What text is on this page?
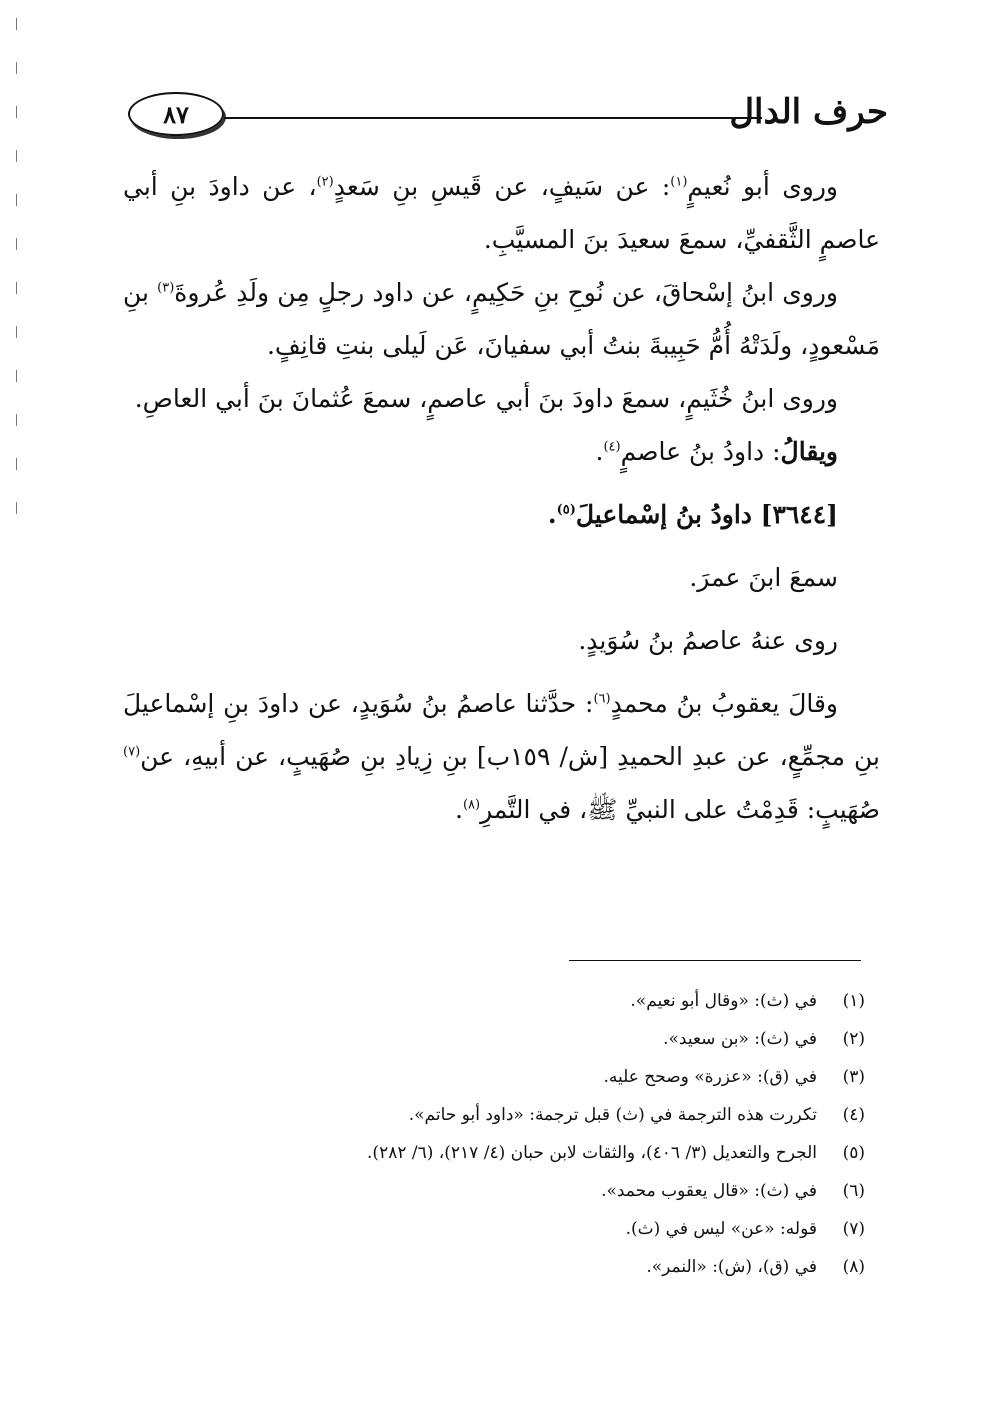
٨٧	حرف الدال

وروى أبو نُعيمٍ$^{(١)}$: عن سَيفٍ، عن قَيسِ بنِ سَعدٍ$^{(٢)}$، عن داودَ بنِ أبي عاصمٍ الثَّقفيِّ، سمعَ سعيدَ بنَ المسيَّبِ.

وروى ابنُ إسْحاقَ، عن نُوحِ بنِ حَكِيمٍ، عن داود رجلٍ مِن ولَدِ عُروةَ$^{(٣)}$ بنِ مَسْعودٍ، ولَدَتْهُ أُمُّ حَبِيبةَ بنتُ أبي سفيانَ، عَن لَيلى بنتِ قانِفٍ.

وروى ابنُ خُثَيمٍ، سمعَ داودَ بنَ أبي عاصمٍ، سمعَ عُثمانَ بنَ أبي العاصِ.

ويقالُ: داودُ بنُ عاصمٍ$^{(٤)}$.

[٣٦٤٤] داودُ بنُ إسْماعيلَ$^{(٥)}$.

سمعَ ابنَ عمرَ.

روى عنهُ عاصمُ بنُ سُوَيدٍ.

وقالَ يعقوبُ بنُ محمدٍ$^{(٦)}$: حدَّثنا عاصمُ بنُ سُوَيدٍ، عن داودَ بنِ إسْماعيلَ بنِ مجمِّعٍ، عن عبدِ الحميدِ [ش/ ١٥٩ب] بنِ زِيادِ بنِ صُهَيبٍ، عن أبيهِ، عن$^{(٧)}$ صُهَيبٍ: قَدِمْتُ على النبيِّ ﷺ، في التَّمرِ$^{(٨)}$.

(١)
في (ث): «وقال أبو نعيم».
(٢)
في (ث): «بن سعيد».
(٣)
في (ق): «عزرة» وصحح عليه.
(٤)
تكررت هذه الترجمة في (ث) قبل ترجمة: «داود أبو حاتم».
(٥)
الجرح والتعديل (٣/ ٤٠٦)، والثقات لابن حبان (٤/ ٢١٧)، (٦/ ٢٨٢).
(٦)
في (ث): «قال يعقوب محمد».
(٧)
قوله: «عن» ليس في (ث).
(٨)
في (ق)، (ش): «النمر».
